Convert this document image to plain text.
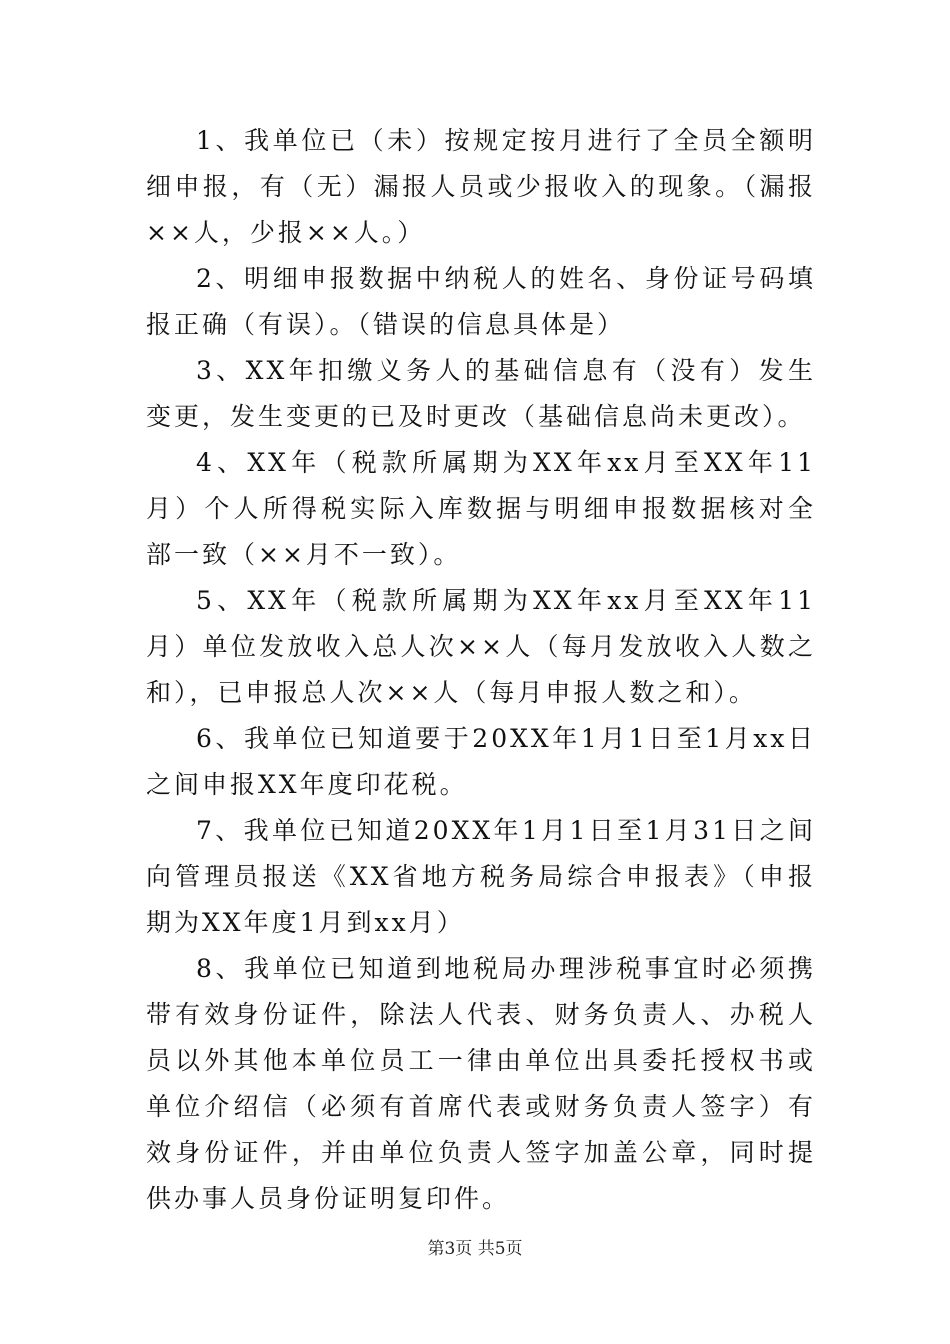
1、我单位已（未）按规定按月进行了全员全额明细申报，有（无）漏报人员或少报收入的现象。（漏报××人，少报××人。）

2、明细申报数据中纳税人的姓名、身份证号码填报正确（有误）。（错误的信息具体是）

3、XX年扣缴义务人的基础信息有（没有）发生变更，发生变更的已及时更改（基础信息尚未更改）。

4、XX年（税款所属期为XX年xx月至XX年11月）个人所得税实际入库数据与明细申报数据核对全部一致（××月不一致）。

5、XX年（税款所属期为XX年xx月至XX年11月）单位发放收入总人次××人（每月发放收入人数之和），已申报总人次××人（每月申报人数之和）。

6、我单位已知道要于20XX年1月1日至1月xx日之间申报XX年度印花税。

7、我单位已知道20XX年1月1日至1月31日之间向管理员报送《XX省地方税务局综合申报表》（申报期为XX年度1月到xx月）

8、我单位已知道到地税局办理涉税事宜时必须携带有效身份证件，除法人代表、财务负责人、办税人员以外其他本单位员工一律由单位出具委托授权书或单位介绍信（必须有首席代表或财务负责人签字）有效身份证件，并由单位负责人签字加盖公章，同时提供办事人员身份证明复印件。

第3页 共5页
